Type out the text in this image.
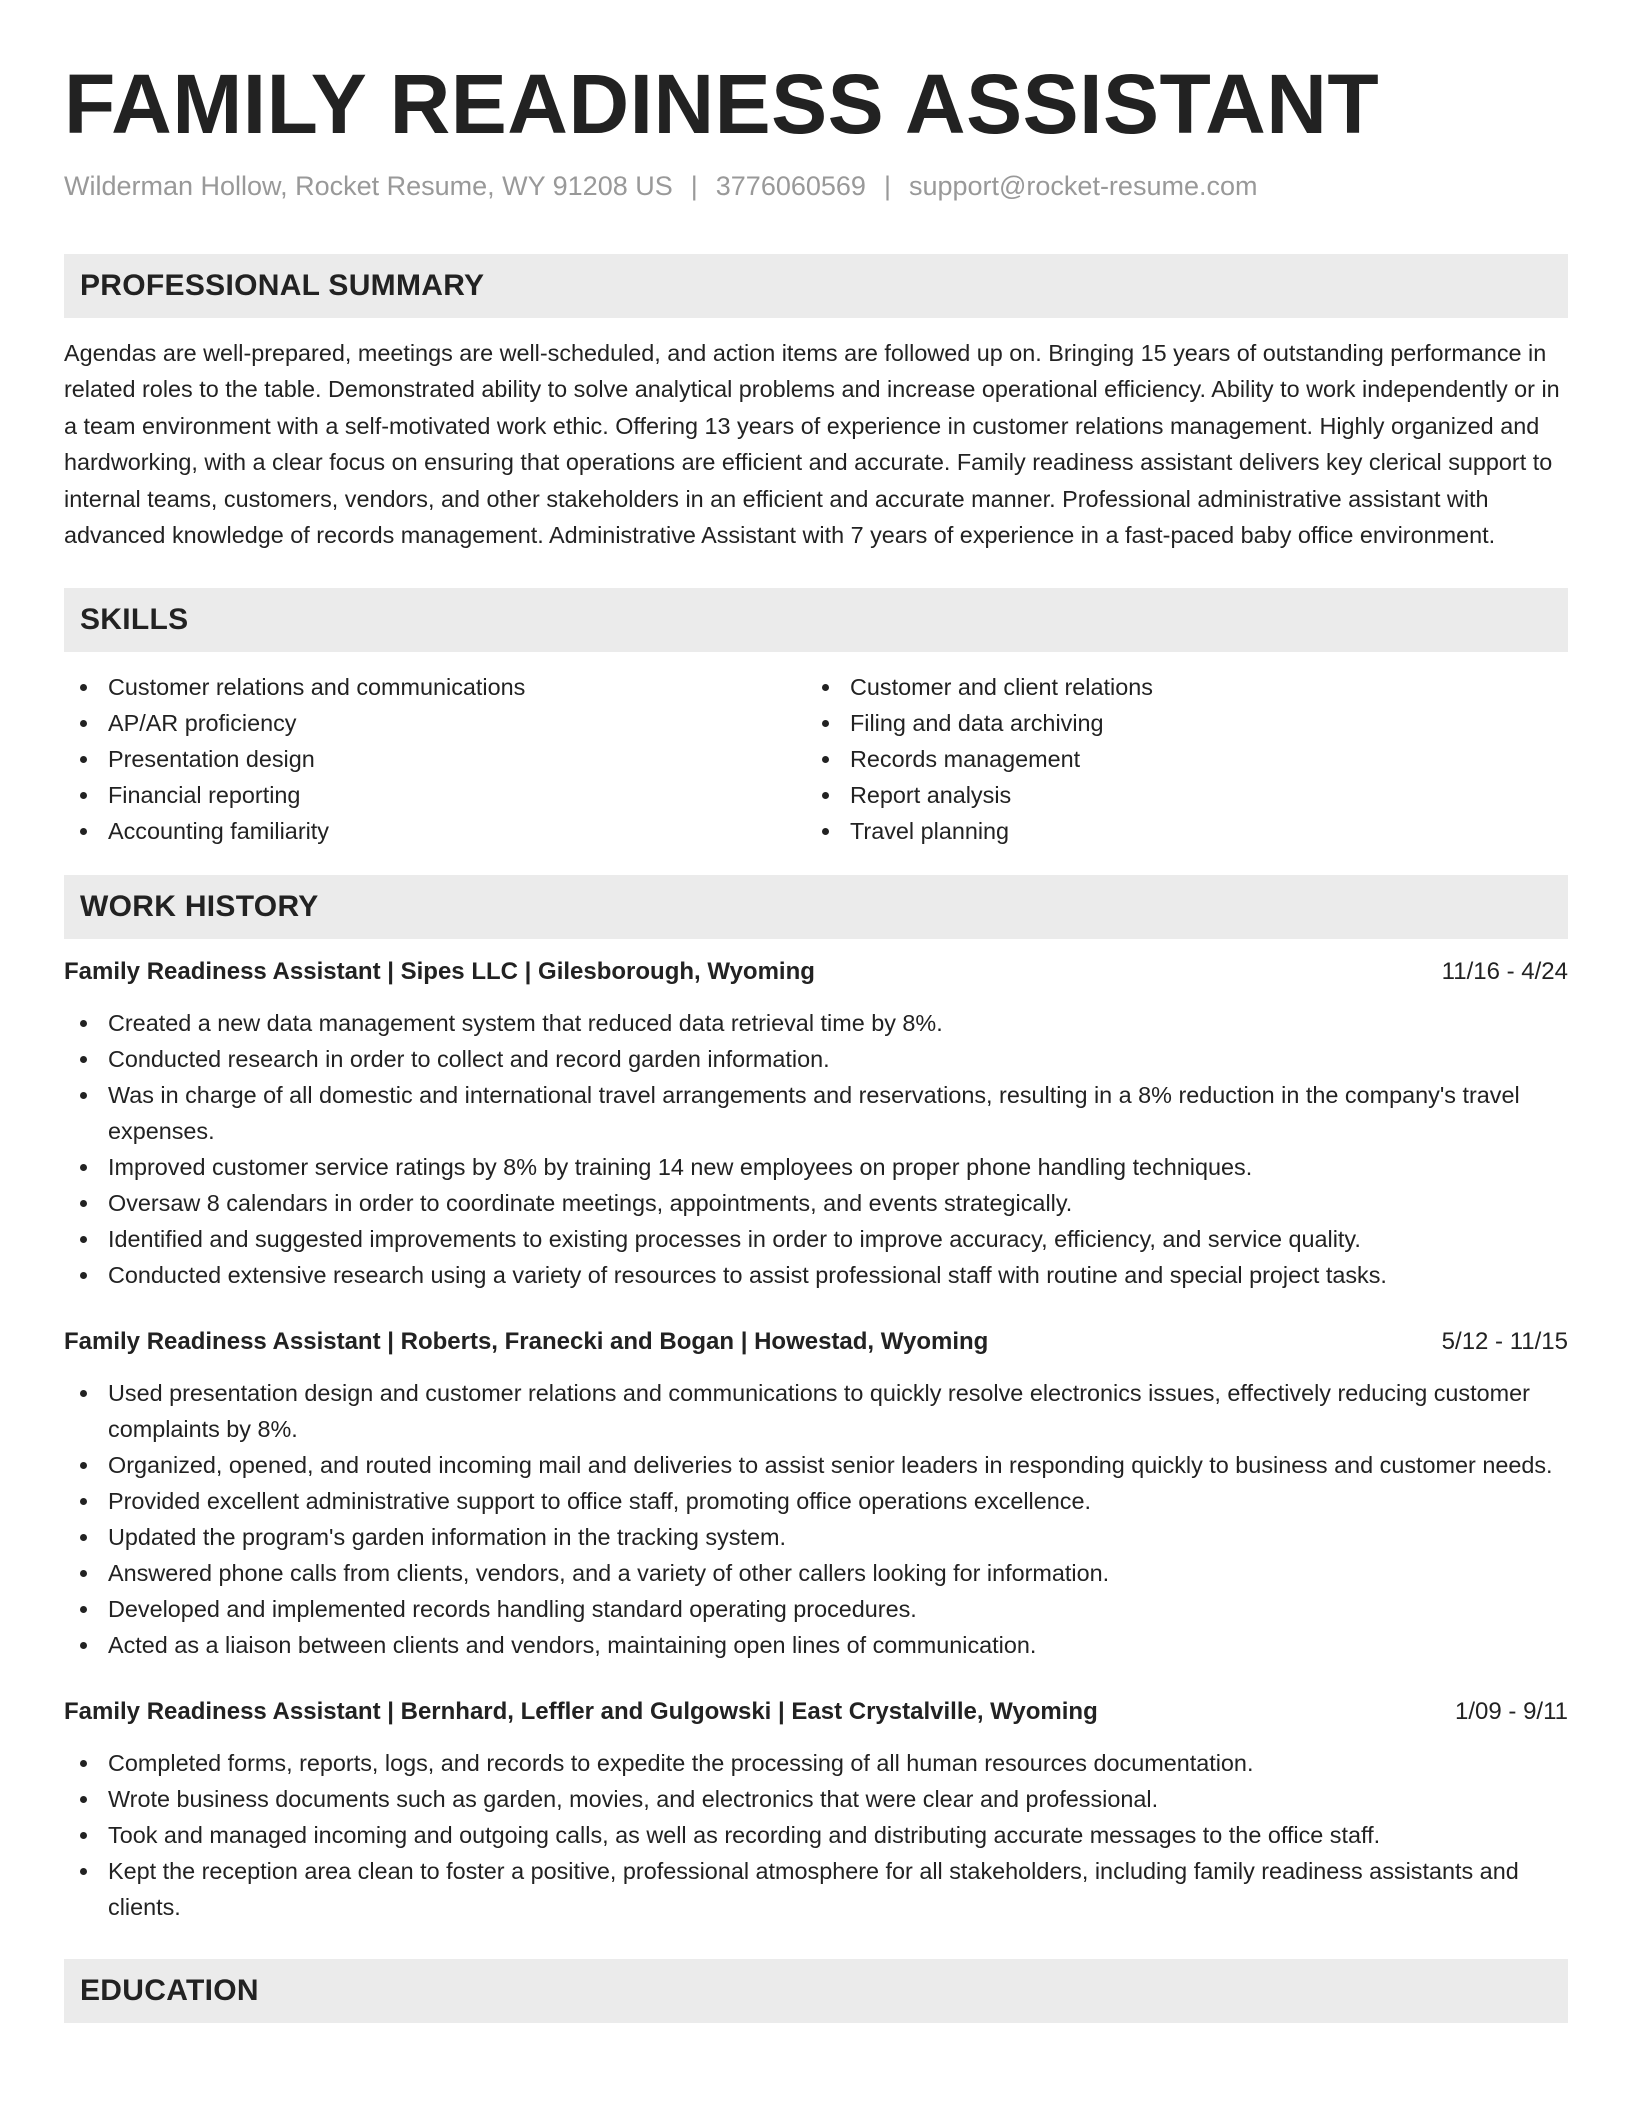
FAMILY READINESS ASSISTANT
Wilderman Hollow, Rocket Resume, WY 91208 US | 3776060569 | support@rocket-resume.com
PROFESSIONAL SUMMARY

Agendas are well-prepared, meetings are well-scheduled, and action items are followed up on. Bringing 15 years of outstanding performance in related roles to the table. Demonstrated ability to solve analytical problems and increase operational efficiency. Ability to work independently or in a team environment with a self-motivated work ethic. Offering 13 years of experience in customer relations management. Highly organized and hardworking, with a clear focus on ensuring that operations are efficient and accurate. Family readiness assistant delivers key clerical support to internal teams, customers, vendors, and other stakeholders in an efficient and accurate manner. Professional administrative assistant with advanced knowledge of records management. Administrative Assistant with 7 years of experience in a fast-paced baby office environment.

SKILLS
Customer relations and communications
AP/AR proficiency
Presentation design
Financial reporting
Accounting familiarity
Customer and client relations
Filing and data archiving
Records management
Report analysis
Travel planning
WORK HISTORY
Family Readiness Assistant | Sipes LLC | Gilesborough, Wyoming	11/16 - 4/24
Created a new data management system that reduced data retrieval time by 8%.
Conducted research in order to collect and record garden information.
Was in charge of all domestic and international travel arrangements and reservations, resulting in a 8% reduction in the company's travel expenses.
Improved customer service ratings by 8% by training 14 new employees on proper phone handling techniques.
Oversaw 8 calendars in order to coordinate meetings, appointments, and events strategically.
Identified and suggested improvements to existing processes in order to improve accuracy, efficiency, and service quality.
Conducted extensive research using a variety of resources to assist professional staff with routine and special project tasks.
Family Readiness Assistant | Roberts, Franecki and Bogan | Howestad, Wyoming	5/12 - 11/15
Used presentation design and customer relations and communications to quickly resolve electronics issues, effectively reducing customer complaints by 8%.
Organized, opened, and routed incoming mail and deliveries to assist senior leaders in responding quickly to business and customer needs.
Provided excellent administrative support to office staff, promoting office operations excellence.
Updated the program's garden information in the tracking system.
Answered phone calls from clients, vendors, and a variety of other callers looking for information.
Developed and implemented records handling standard operating procedures.
Acted as a liaison between clients and vendors, maintaining open lines of communication.
Family Readiness Assistant | Bernhard, Leffler and Gulgowski | East Crystalville, Wyoming	1/09 - 9/11
Completed forms, reports, logs, and records to expedite the processing of all human resources documentation.
Wrote business documents such as garden, movies, and electronics that were clear and professional.
Took and managed incoming and outgoing calls, as well as recording and distributing accurate messages to the office staff.
Kept the reception area clean to foster a positive, professional atmosphere for all stakeholders, including family readiness assistants and clients.
EDUCATION
